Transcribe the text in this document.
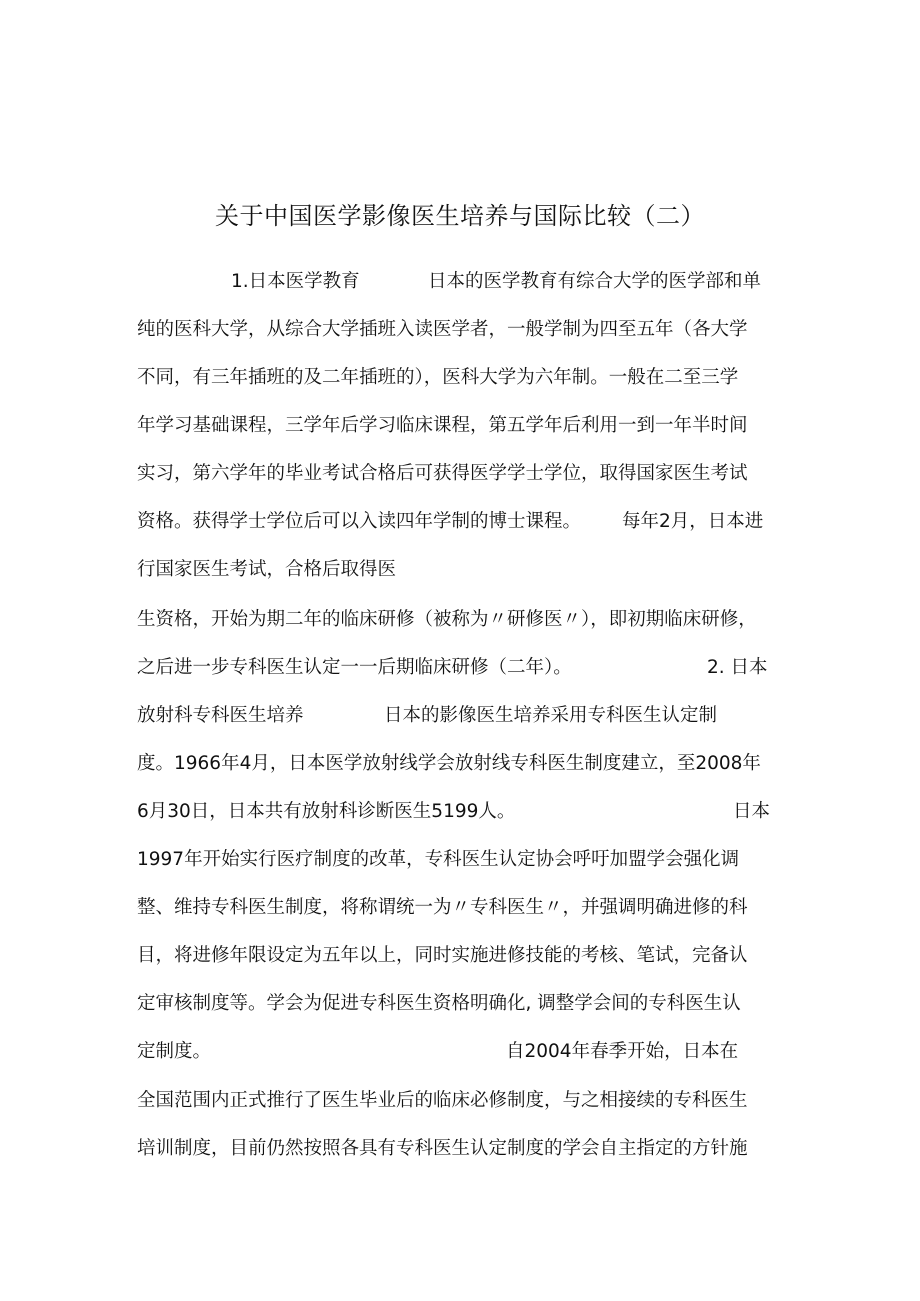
关于中国医学影像医生培养与国际比较（二）
1.日本医学教育	日本的医学教育有综合大学的医学部和单
纯的医科大学，从综合大学插班入读医学者，一般学制为四至五年（各大学
不同，有三年插班的及二年插班的），医科大学为六年制。一般在二至三学
年学习基础课程，三学年后学习临床课程，第五学年后利用一到一年半时间
实习，第六学年的毕业考试合格后可获得医学学士学位，取得国家医生考试
资格。获得学士学位后可以入读四年学制的博士课程。 每年2月，日本进
行国家医生考试，合格后取得医
生资格，开始为期二年的临床研修（被称为〃研修医〃），即初期临床研修，
之后进一步专科医生认定一一后期临床研修（二年）。	2. 日本
放射科专科医生培养	日本的影像医生培养采用专科医生认定制
度。1966年4月，日本医学放射线学会放射线专科医生制度建立，至2008年
6月30日，日本共有放射科诊断医生5199人。	日本
1997年开始实行医疗制度的改革，专科医生认定协会呼吁加盟学会强化调
整、维持专科医生制度，将称谓统一为〃专科医生〃，并强调明确进修的科
目，将进修年限设定为五年以上，同时实施进修技能的考核、笔试，完备认
定审核制度等。学会为促进专科医生资格明确化, 调整学会间的专科医生认
定制度。	自2004年春季开始，日本在
全国范围内正式推行了医生毕业后的临床必修制度，与之相接续的专科医生
培训制度，目前仍然按照各具有专科医生认定制度的学会自主指定的方针施
